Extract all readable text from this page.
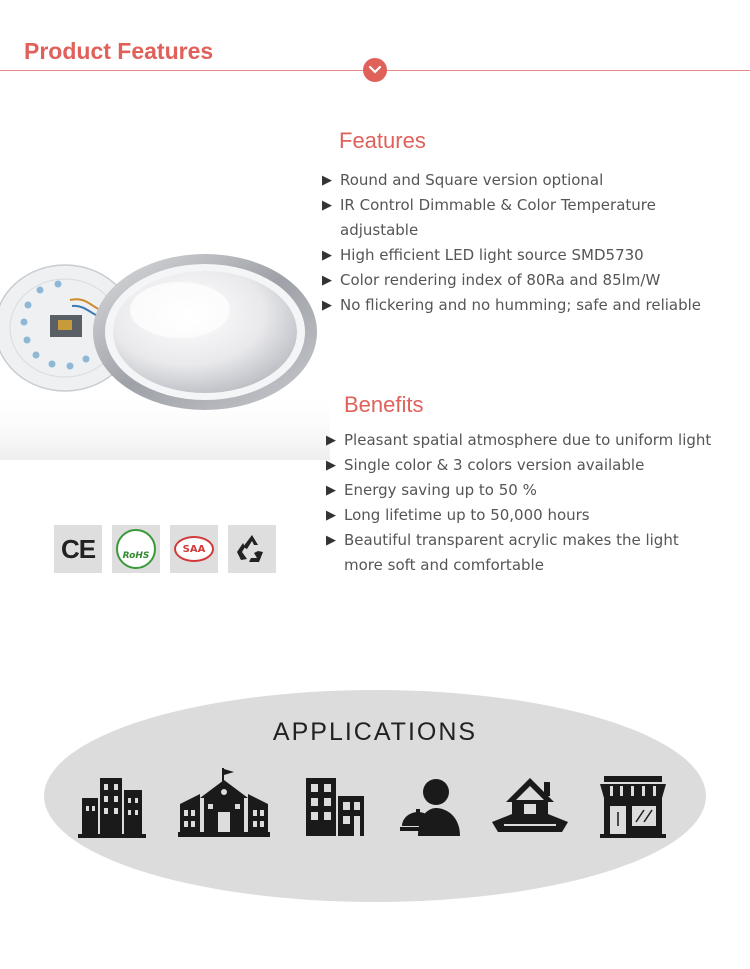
Product Features
Features
▶ Round and Square version optional
▶ IR Control Dimmable & Color Temperature adjustable
▶ High efficient LED light source SMD5730
▶ Color rendering index of 80Ra and 85lm/W
▶ No flickering and no humming; safe and reliable
Benefits
▶ Pleasant spatial atmosphere due to uniform light
▶ Single color & 3 colors version available
▶ Energy saving up to 50 %
▶ Long lifetime up to 50,000 hours
▶ Beautiful transparent acrylic makes the light more soft and comfortable
CE	RoHS
SAA
APPLICATIONS
